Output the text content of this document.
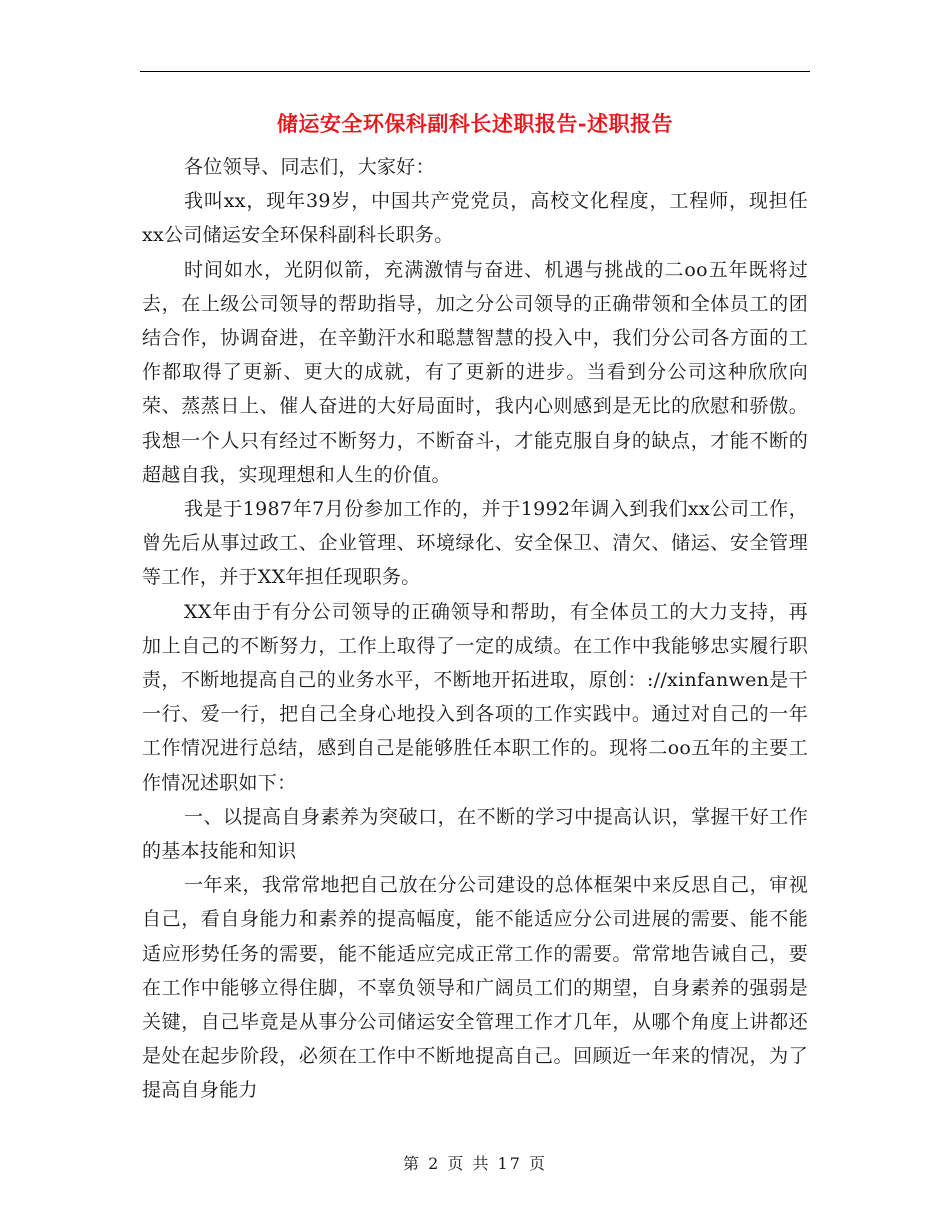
储运安全环保科副科长述职报告-述职报告

各位领导、同志们，大家好：

我叫xx，现年39岁，中国共产党党员，高校文化程度，工程师，现担任xx公司储运安全环保科副科长职务。

时间如水，光阴似箭，充满激情与奋进、机遇与挑战的二oo五年既将过去，在上级公司领导的帮助指导，加之分公司领导的正确带领和全体员工的团结合作，协调奋进，在辛勤汗水和聪慧智慧的投入中，我们分公司各方面的工作都取得了更新、更大的成就，有了更新的进步。当看到分公司这种欣欣向荣、蒸蒸日上、催人奋进的大好局面时，我内心则感到是无比的欣慰和骄傲。我想一个人只有经过不断努力，不断奋斗，才能克服自身的缺点，才能不断的超越自我，实现理想和人生的价值。

我是于1987年7月份参加工作的，并于1992年调入到我们xx公司工作，曾先后从事过政工、企业管理、环境绿化、安全保卫、清欠、储运、安全管理等工作，并于XX年担任现职务。

XX年由于有分公司领导的正确领导和帮助，有全体员工的大力支持，再加上自己的不断努力，工作上取得了一定的成绩。在工作中我能够忠实履行职责，不断地提高自己的业务水平，不断地开拓进取，原创：://xinfanwen是干一行、爱一行，把自己全身心地投入到各项的工作实践中。通过对自己的一年工作情况进行总结，感到自己是能够胜任本职工作的。现将二oo五年的主要工作情况述职如下：

一、以提高自身素养为突破口，在不断的学习中提高认识，掌握干好工作的基本技能和知识

一年来，我常常地把自己放在分公司建设的总体框架中来反思自己，审视自己，看自身能力和素养的提高幅度，能不能适应分公司进展的需要、能不能适应形势任务的需要，能不能适应完成正常工作的需要。常常地告诫自己，要在工作中能够立得住脚，不辜负领导和广阔员工们的期望，自身素养的强弱是关键，自己毕竟是从事分公司储运安全管理工作才几年，从哪个角度上讲都还是处在起步阶段，必须在工作中不断地提高自己。回顾近一年来的情况，为了提高自身能力

第 2 页 共 17 页
